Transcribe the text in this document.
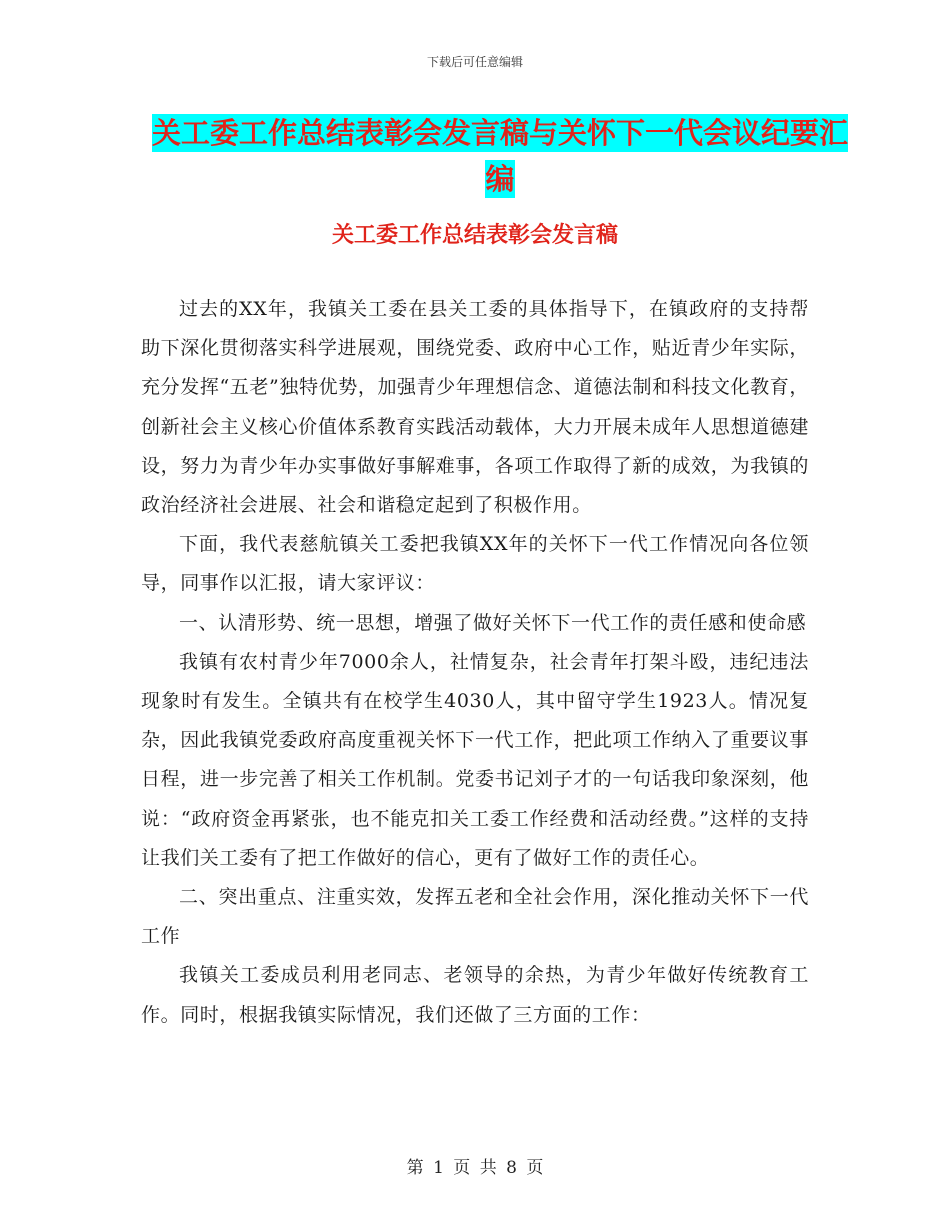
下载后可任意编辑
关工委工作总结表彰会发言稿与关怀下一代会议纪要汇编
关工委工作总结表彰会发言稿

过去的XX年，我镇关工委在县关工委的具体指导下，在镇政府的支持帮助下深化贯彻落实科学进展观，围绕党委、政府中心工作，贴近青少年实际，充分发挥“五老”独特优势，加强青少年理想信念、道德法制和科技文化教育，创新社会主义核心价值体系教育实践活动载体，大力开展未成年人思想道德建设，努力为青少年办实事做好事解难事，各项工作取得了新的成效，为我镇的政治经济社会进展、社会和谐稳定起到了积极作用。

下面，我代表慈航镇关工委把我镇XX年的关怀下一代工作情况向各位领导，同事作以汇报，请大家评议：

一、认清形势、统一思想，增强了做好关怀下一代工作的责任感和使命感

我镇有农村青少年7000余人，社情复杂，社会青年打架斗殴，违纪违法现象时有发生。全镇共有在校学生4030人，其中留守学生1923人。情况复杂，因此我镇党委政府高度重视关怀下一代工作，把此项工作纳入了重要议事日程，进一步完善了相关工作机制。党委书记刘子才的一句话我印象深刻，他说：“政府资金再紧张，也不能克扣关工委工作经费和活动经费。”这样的支持让我们关工委有了把工作做好的信心，更有了做好工作的责任心。

二、突出重点、注重实效，发挥五老和全社会作用，深化推动关怀下一代工作

我镇关工委成员利用老同志、老领导的余热，为青少年做好传统教育工作。同时，根据我镇实际情况，我们还做了三方面的工作：

第 1 页 共 8 页
